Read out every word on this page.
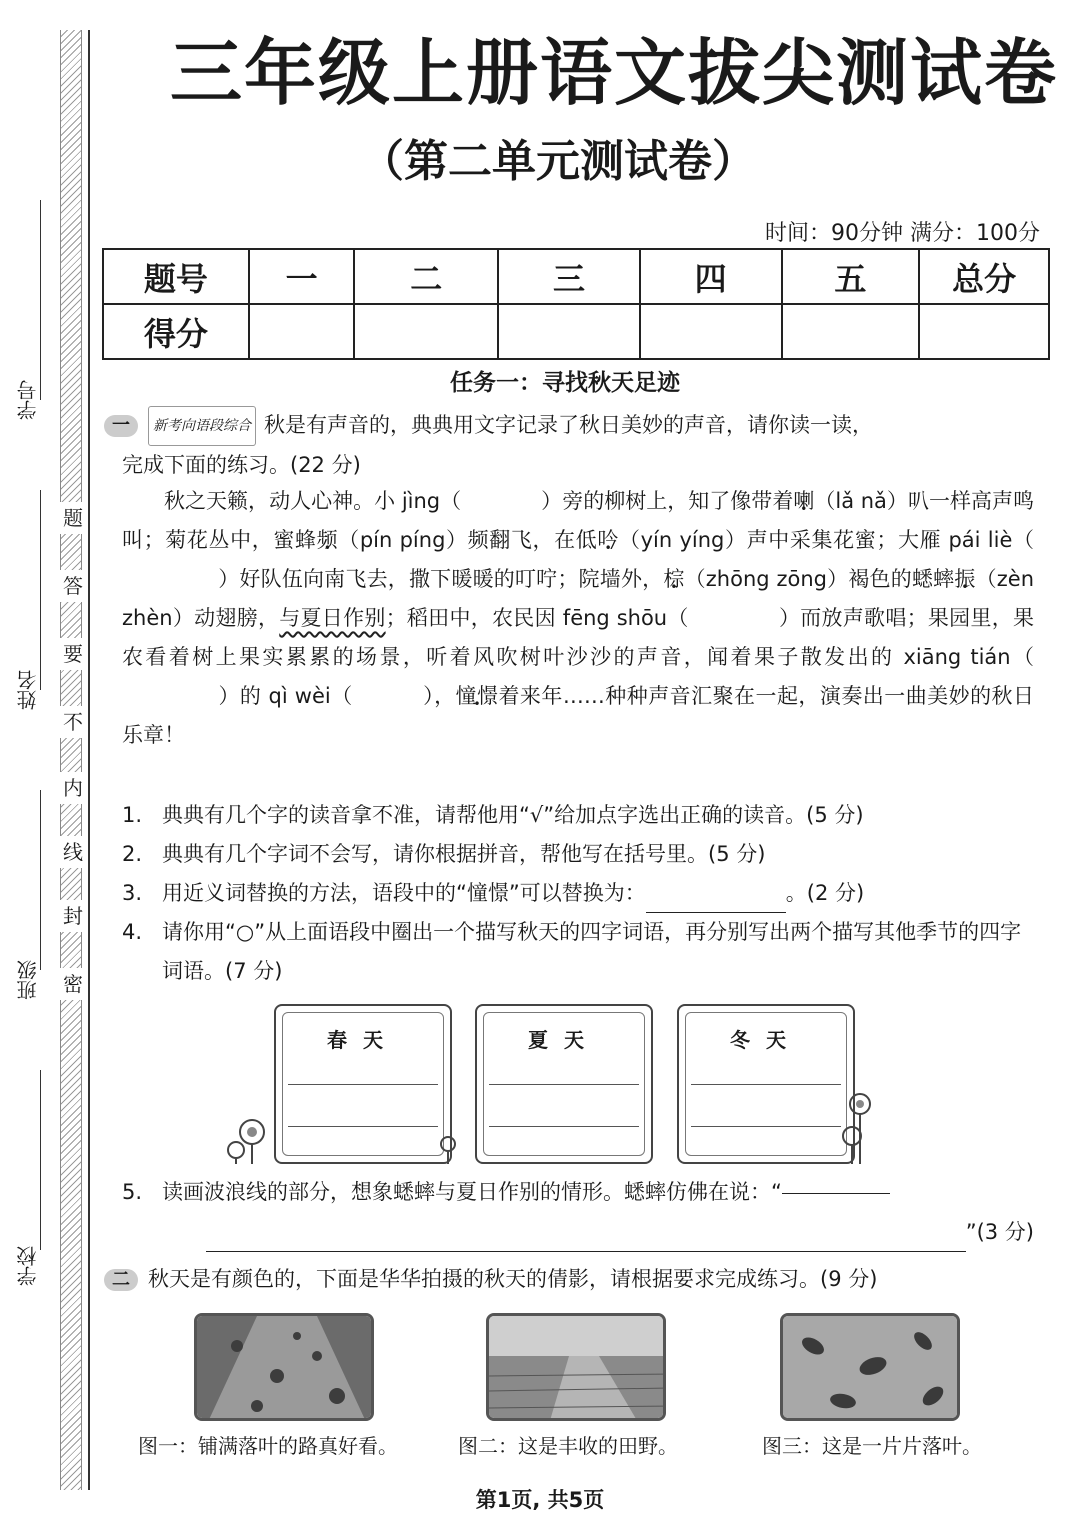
学号
姓名
班级
学校
密
封
线
内
不
要
答
题
三年级上册语文拔尖测试卷
（第二单元测试卷）
时间：90分钟 满分：100分
题号	一	二	三	四	五	总分
得分						
任务一：寻找秋天足迹
一 新考向语段综合 秋是有声音的，典典用文字记录了秋日美妙的声音，请你读一读，
完成下面的练习。(22 分)
  秋之天籁，动人心神。小 jìng（	）旁的柳树上，知了像带着喇（lǎ nǎ）叭一样高声鸣叫；菊花丛中，蜜蜂频（pín píng）频翻飞，在低吟（yín yíng）声中采集花蜜；大雁 pái liè（）好队伍向南飞去，撒下暖暖的叮咛；院墙外，棕（zhōng zōng）褐色的蟋蟀振（zèn zhèn）动翅膀，与夏日作别；稻田中，农民因 fēng shōu（	）而放声歌唱；果园里，果农看着树上果实累累的场景，听着风吹树叶沙沙的声音，闻着果子散发出的 xiāng tián（）的 qì wèi（	），憧憬着来年……种种声音汇聚在一起，演奏出一曲美妙的秋日乐章！
1. 典典有几个字的读音拿不准，请帮他用“√”给加点字选出正确的读音。(5 分)
2. 典典有几个字词不会写，请你根据拼音，帮他写在括号里。(5 分)
3. 用近义词替换的方法，语段中的“憧憬”可以替换为：	。(2 分)
4. 请你用“○”从上面语段中圈出一个描写秋天的四字词语，再分别写出两个描写其他季节的四字词语。(7 分)
春天	夏天	冬天
5. 读画波浪线的部分，想象蟋蟀与夏日作别的情形。蟋蟀仿佛在说：“
”(3 分)
二 秋天是有颜色的，下面是华华拍摄的秋天的倩影，请根据要求完成练习。(9 分)
图一：铺满落叶的路真好看。	图二：这是丰收的田野。	图三：这是一片片落叶。
第1页, 共5页
